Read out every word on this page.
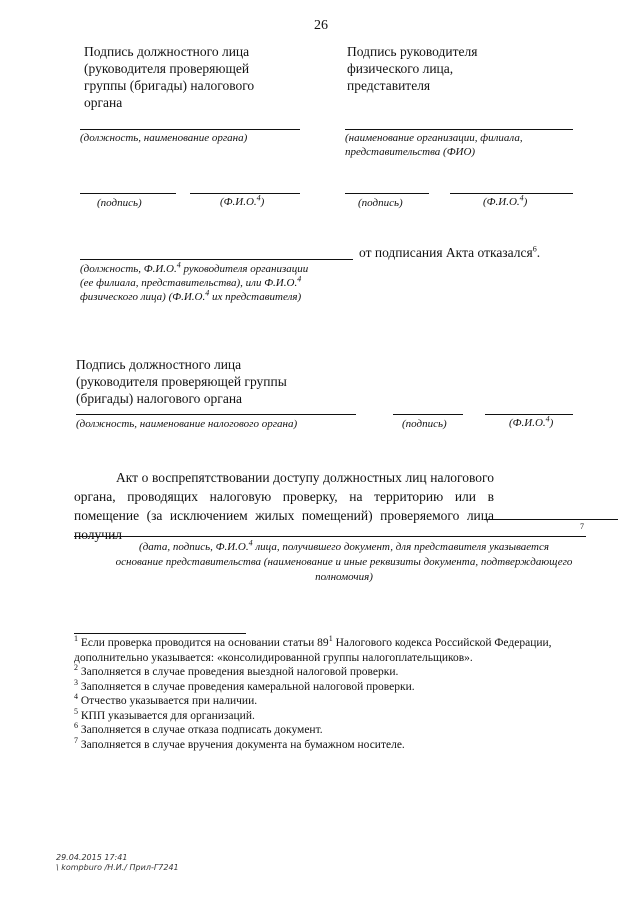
26
Подпись должностного лица
(руководителя проверяющей
группы (бригады) налогового
органа
(должность, наименование органа)
(подпись)	(Ф.И.О.$^4$)
Подпись руководителя
физического лица,
представителя
(наименование организации, филиала,
представительства (ФИО)
(подпись)	(Ф.И.О.$^4$)
от подписания Акта отказался$^6$.
(должность, Ф.И.О.$^4$ руководителя организации
(ее филиала, представительства), или Ф.И.О.$^4$
физического лица) (Ф.И.О.$^4$ их представителя)
Подпись должностного лица
(руководителя проверяющей группы
(бригады) налогового органа
(должность, наименование налогового органа)	(подпись)	(Ф.И.О.$^4$)
Акт о воспрепятствовании доступу должностных лиц налогового органа, проводящих налоговую проверку, на территорию или в помещение (за исключением жилых помещений) проверяемого лица получил
7
(дата, подпись, Ф.И.О.$^4$ лица, получившего документ, для представителя указывается
основание представительства (наименование и иные реквизиты документа, подтверждающего
полномочия)
$^1$ Если проверка проводится на основании статьи $89^1$ Налогового кодекса Российской Федерации,
дополнительно указывается: «консолидированной группы налогоплательщиков».
$^2$ Заполняется в случае проведения выездной налоговой проверки.
$^3$ Заполняется в случае проведения камеральной налоговой проверки.
$^4$ Отчество указывается при наличии.
$^5$ КПП указывается для организаций.
$^6$ Заполняется в случае отказа подписать документ.
$^7$ Заполняется в случае вручения документа на бумажном носителе.
29.04.2015 17:41
\ kompburo /Н.И./ Прил-Г7241
